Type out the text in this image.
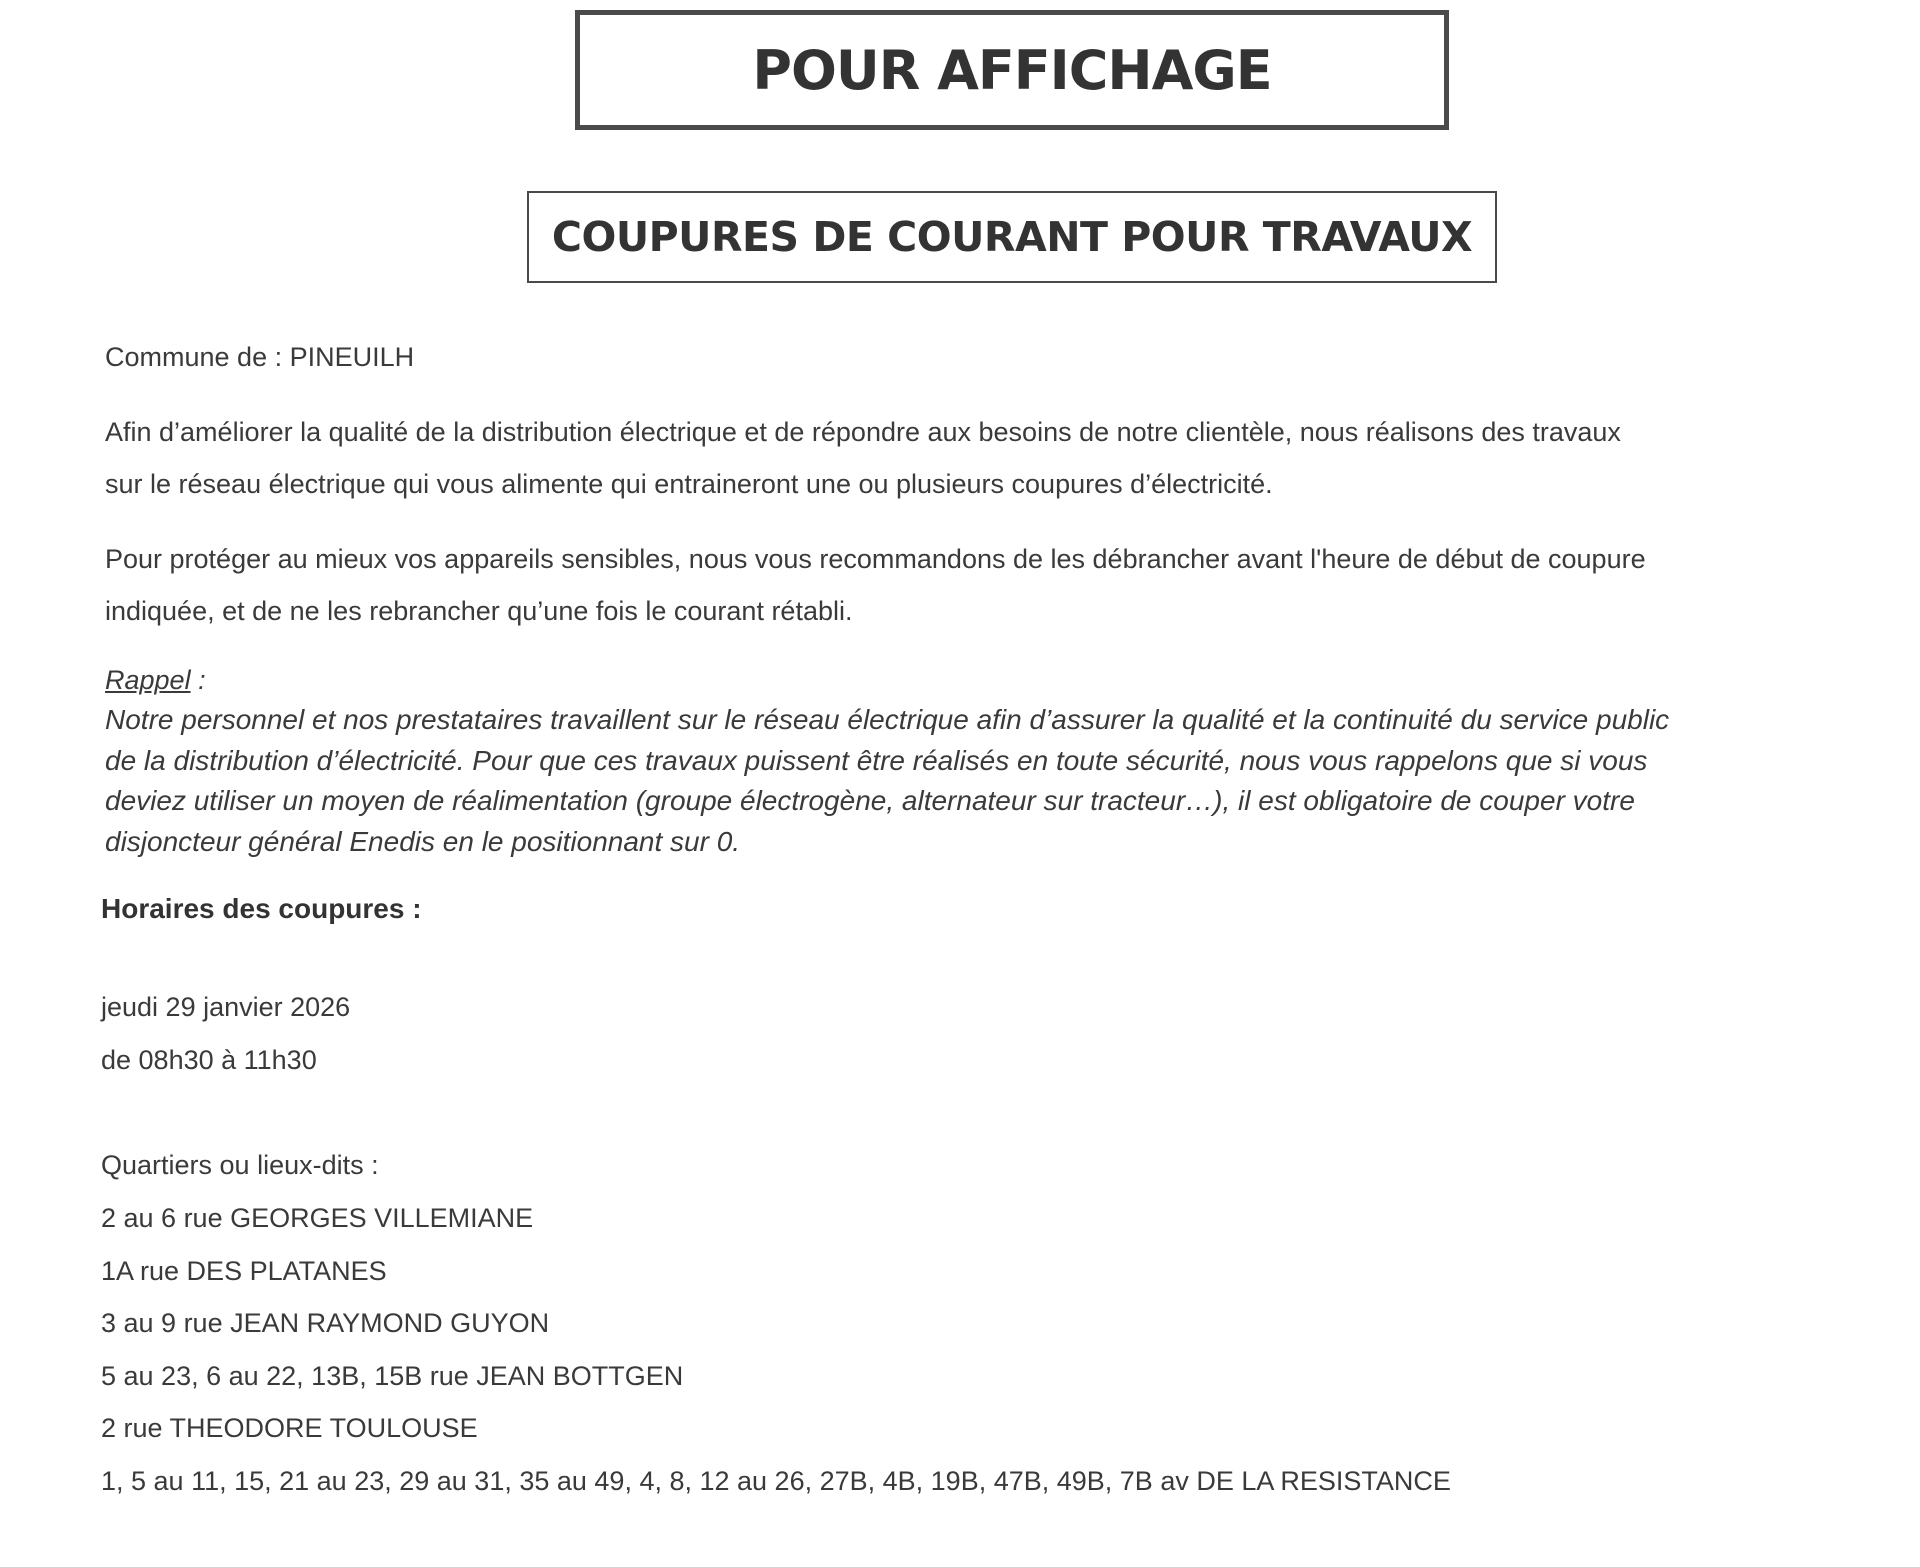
POUR AFFICHAGE
COUPURES DE COURANT POUR TRAVAUX

Commune de : PINEUILH

Afin d’améliorer la qualité de la distribution électrique et de répondre aux besoins de notre clientèle, nous réalisons des travaux
sur le réseau électrique qui vous alimente qui entraineront une ou plusieurs coupures d’électricité.

Pour protéger au mieux vos appareils sensibles, nous vous recommandons de les débrancher avant l'heure de début de coupure
indiquée, et de ne les rebrancher qu’une fois le courant rétabli.

Rappel :

Notre personnel et nos prestataires travaillent sur le réseau électrique afin d’assurer la qualité et la continuité du service public
de la distribution d’électricité. Pour que ces travaux puissent être réalisés en toute sécurité, nous vous rappelons que si vous
deviez utiliser un moyen de réalimentation (groupe électrogène, alternateur sur tracteur…), il est obligatoire de couper votre
disjoncteur général Enedis en le positionnant sur 0.

Horaires des coupures :

jeudi 29 janvier 2026

de 08h30 à 11h30

Quartiers ou lieux-dits :

2 au 6 rue GEORGES VILLEMIANE
1A rue DES PLATANES
3 au 9 rue JEAN RAYMOND GUYON
5 au 23, 6 au 22, 13B, 15B rue JEAN BOTTGEN
2 rue THEODORE TOULOUSE
1, 5 au 11, 15, 21 au 23, 29 au 31, 35 au 49, 4, 8, 12 au 26, 27B, 4B, 19B, 47B, 49B, 7B av DE LA RESISTANCE
